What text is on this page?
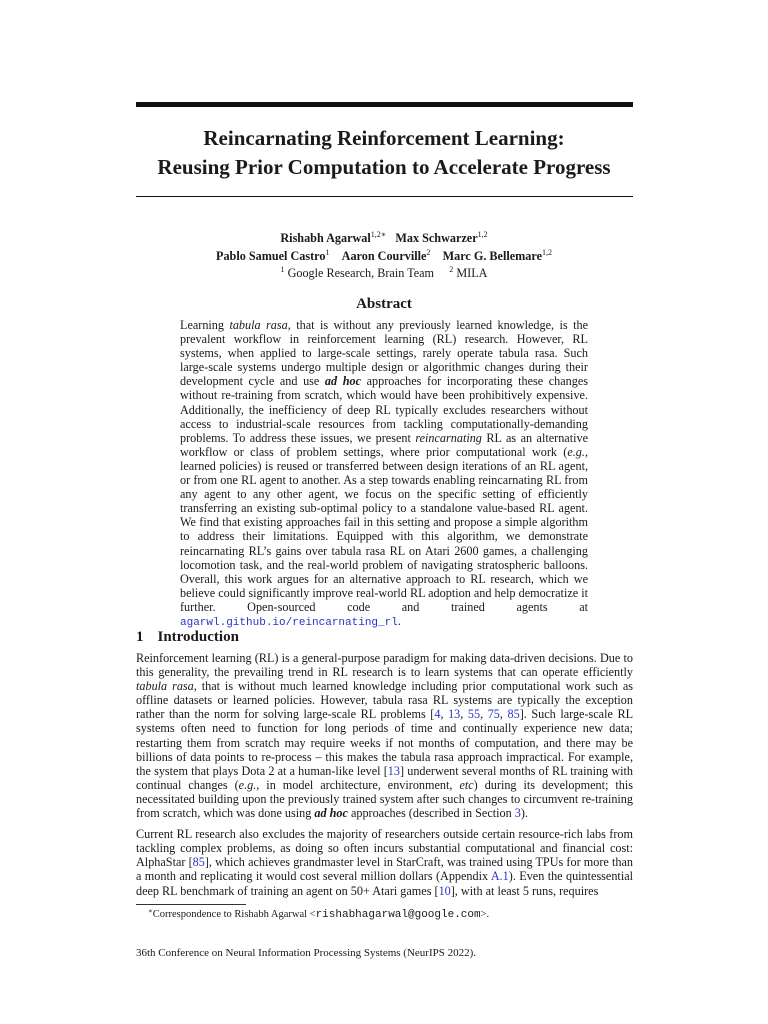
Reincarnating Reinforcement Learning:
Reusing Prior Computation to Accelerate Progress
Rishabh Agarwal$^{1,2∗}$ Max Schwarzer$^{1,2}$
Pablo Samuel Castro$^1$ Aaron Courville$^2$ Marc G. Bellemare$^{1,2}$
$^1$ Google Research, Brain Team $^2$ MILA
Abstract
Learning tabula rasa, that is without any previously learned knowledge, is the prevalent workflow in reinforcement learning (RL) research. However, RL systems, when applied to large-scale settings, rarely operate tabula rasa. Such large-scale systems undergo multiple design or algorithmic changes during their development cycle and use ad hoc approaches for incorporating these changes without re-training from scratch, which would have been prohibitively expensive. Additionally, the inefficiency of deep RL typically excludes researchers without access to industrial-scale resources from tackling computationally-demanding problems. To address these issues, we present reincarnating RL as an alternative workflow or class of problem settings, where prior computational work (e.g., learned policies) is reused or transferred between design iterations of an RL agent, or from one RL agent to another. As a step towards enabling reincarnating RL from any agent to any other agent, we focus on the specific setting of efficiently transferring an existing sub-optimal policy to a standalone value-based RL agent. We find that existing approaches fail in this setting and propose a simple algorithm to address their limitations. Equipped with this algorithm, we demonstrate reincarnating RL’s gains over tabula rasa RL on Atari 2600 games, a challenging locomotion task, and the real-world problem of navigating stratospheric balloons. Overall, this work argues for an alternative approach to RL research, which we believe could significantly improve real-world RL adoption and help democratize it further. Open-sourced code and trained agents at agarwl.github.io/reincarnating_rl.
1 Introduction

Reinforcement learning (RL) is a general-purpose paradigm for making data-driven decisions. Due to this generality, the prevailing trend in RL research is to learn systems that can operate efficiently tabula rasa, that is without much learned knowledge including prior computational work such as offline datasets or learned policies. However, tabula rasa RL systems are typically the exception rather than the norm for solving large-scale RL problems [4, 13, 55, 75, 85]. Such large-scale RL systems often need to function for long periods of time and continually experience new data; restarting them from scratch may require weeks if not months of computation, and there may be billions of data points to re-process – this makes the tabula rasa approach impractical. For example, the system that plays Dota 2 at a human-like level [13] underwent several months of RL training with continual changes (e.g., in model architecture, environment, etc) during its development; this necessitated building upon the previously trained system after such changes to circumvent re-training from scratch, which was done using ad hoc approaches (described in Section 3).

Current RL research also excludes the majority of researchers outside certain resource-rich labs from tackling complex problems, as doing so often incurs substantial computational and financial cost: AlphaStar [85], which achieves grandmaster level in StarCraft, was trained using TPUs for more than a month and replicating it would cost several million dollars (Appendix A.1). Even the quintessential deep RL benchmark of training an agent on 50+ Atari games [10], with at least 5 runs, requires

∗Correspondence to Rishabh Agarwal <rishabhagarwal@google.com>.
36th Conference on Neural Information Processing Systems (NeurIPS 2022).
